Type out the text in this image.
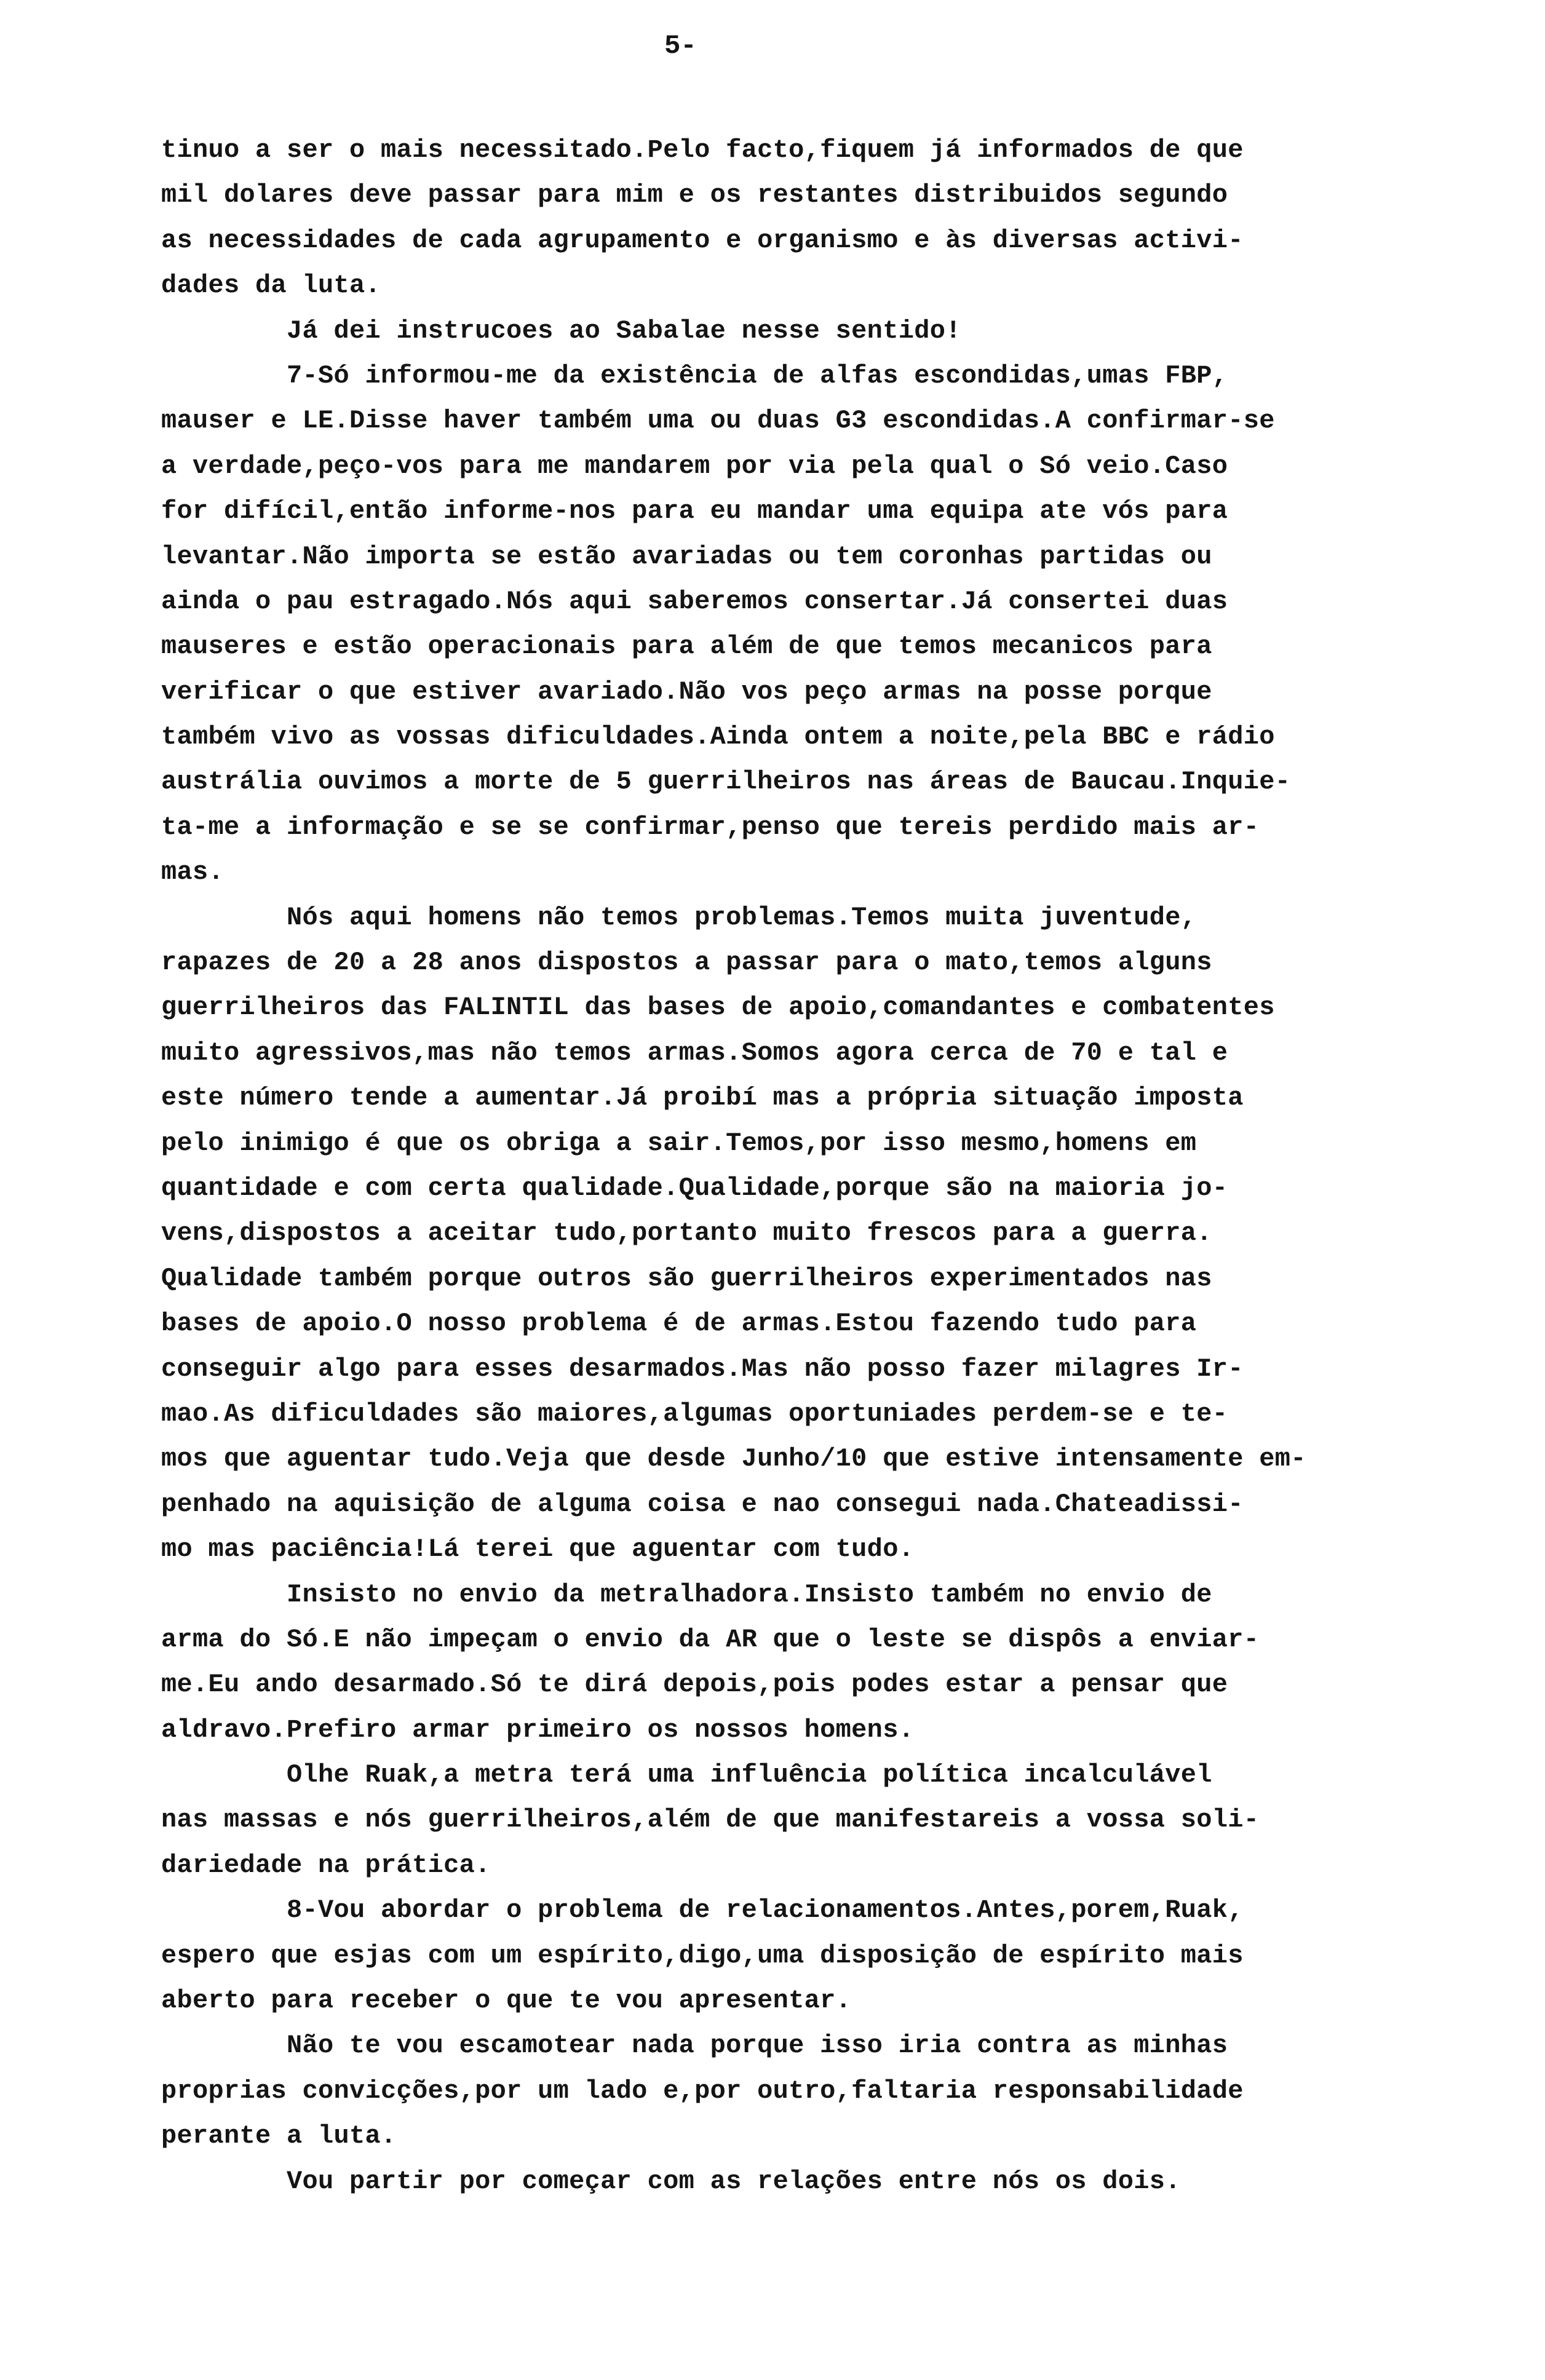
5-
tinuo a ser o mais necessitado.Pelo facto,fiquem já informados de que
mil dolares deve passar para mim e os restantes distribuidos segundo
as necessidades de cada agrupamento e organismo e às diversas activi-
dades da luta.
Já dei instrucoes ao Sabalae nesse sentido!
7-Só informou-me da existência de alfas escondidas,umas FBP,
mauser e LE.Disse haver também uma ou duas G3 escondidas.A confirmar-se
a verdade,peço-vos para me mandarem por via pela qual o Só veio.Caso
for difícil,então informe-nos para eu mandar uma equipa ate vós para
levantar.Não importa se estão avariadas ou tem coronhas partidas ou
ainda o pau estragado.Nós aqui saberemos consertar.Já consertei duas
mauseres e estão operacionais para além de que temos mecanicos para
verificar o que estiver avariado.Não vos peço armas na posse porque
também vivo as vossas dificuldades.Ainda ontem a noite,pela BBC e rádio
austrália ouvimos a morte de 5 guerrilheiros nas áreas de Baucau.Inquie-
ta-me a informação e se se confirmar,penso que tereis perdido mais ar-
mas.
Nós aqui homens não temos problemas.Temos muita juventude,
rapazes de 20 a 28 anos dispostos a passar para o mato,temos alguns
guerrilheiros das FALINTIL das bases de apoio,comandantes e combatentes
muito agressivos,mas não temos armas.Somos agora cerca de 70 e tal e
este número tende a aumentar.Já proibí mas a própria situação imposta
pelo inimigo é que os obriga a sair.Temos,por isso mesmo,homens em
quantidade e com certa qualidade.Qualidade,porque são na maioria jo-
vens,dispostos a aceitar tudo,portanto muito frescos para a guerra.
Qualidade também porque outros são guerrilheiros experimentados nas
bases de apoio.O nosso problema é de armas.Estou fazendo tudo para
conseguir algo para esses desarmados.Mas não posso fazer milagres Ir-
mao.As dificuldades são maiores,algumas oportuniades perdem-se e te-
mos que aguentar tudo.Veja que desde Junho/10 que estive intensamente em-
penhado na aquisição de alguma coisa e nao consegui nada.Chateadissi-
mo mas paciência!Lá terei que aguentar com tudo.
Insisto no envio da metralhadora.Insisto também no envio de
arma do Só.E não impeçam o envio da AR que o leste se dispôs a enviar-
me.Eu ando desarmado.Só te dirá depois,pois podes estar a pensar que
aldravo.Prefiro armar primeiro os nossos homens.
Olhe Ruak,a metra terá uma influência política incalculável
nas massas e nós guerrilheiros,além de que manifestareis a vossa soli-
dariedade na prática.
8-Vou abordar o problema de relacionamentos.Antes,porem,Ruak,
espero que esjas com um espírito,digo,uma disposição de espírito mais
aberto para receber o que te vou apresentar.
Não te vou escamotear nada porque isso iria contra as minhas
proprias convicções,por um lado e,por outro,faltaria responsabilidade
perante a luta.
Vou partir por começar com as relações entre nós os dois.
